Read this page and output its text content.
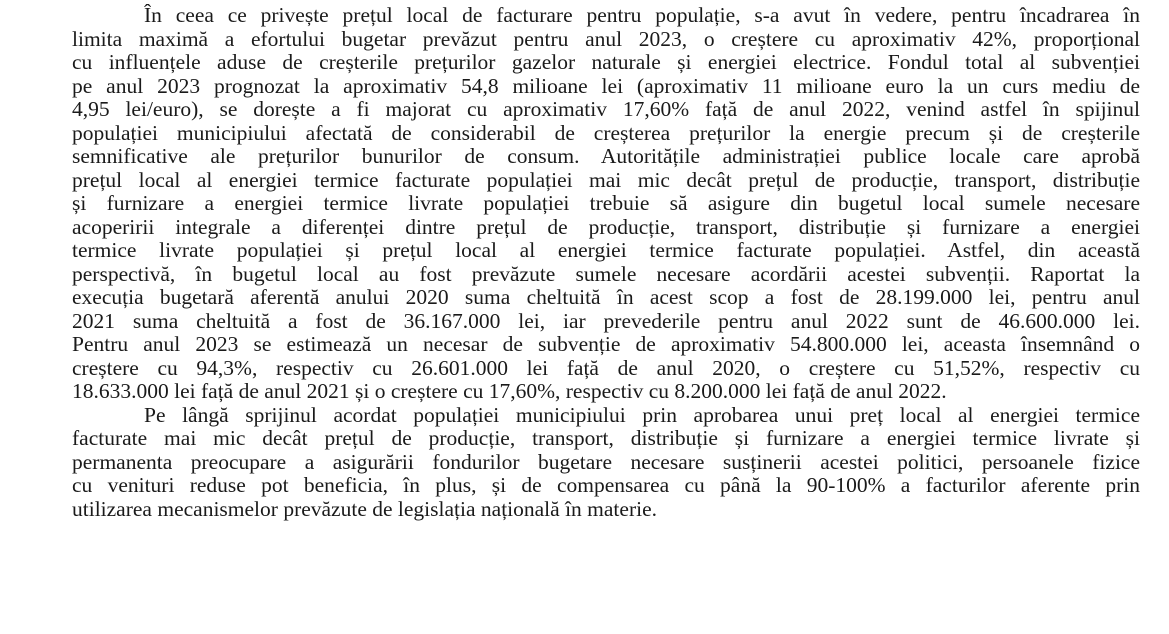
În ceea ce privește prețul local de facturare pentru populație, s-a avut în vedere, pentru încadrarea în
limita maximă a efortului bugetar prevăzut pentru anul 2023, o creștere cu aproximativ 42%, proporțional
cu influențele aduse de creșterile prețurilor gazelor naturale și energiei electrice. Fondul total al subvenției
pe anul 2023 prognozat la aproximativ 54,8 milioane lei (aproximativ 11 milioane euro la un curs mediu de
4,95 lei/euro), se dorește a fi majorat cu aproximativ 17,60% față de anul 2022, venind astfel în spijinul
populației municipiului afectată de considerabil de creșterea prețurilor la energie precum și de creșterile
semnificative ale prețurilor bunurilor de consum. Autoritățile administrației publice locale care aprobă
prețul local al energiei termice facturate populației mai mic decât prețul de producție, transport, distribuție
și furnizare a energiei termice livrate populației trebuie să asigure din bugetul local sumele necesare
acoperirii integrale a diferenței dintre prețul de producție, transport, distribuție și furnizare a energiei
termice livrate populației și prețul local al energiei termice facturate populației. Astfel, din această
perspectivă, în bugetul local au fost prevăzute sumele necesare acordării acestei subvenții. Raportat la
execuția bugetară aferentă anului 2020 suma cheltuită în acest scop a fost de 28.199.000 lei, pentru anul
2021 suma cheltuită a fost de 36.167.000 lei, iar prevederile pentru anul 2022 sunt de 46.600.000 lei.
Pentru anul 2023 se estimează un necesar de subvenție de aproximativ 54.800.000 lei, aceasta însemnând o
creștere cu 94,3%, respectiv cu 26.601.000 lei față de anul 2020, o creștere cu 51,52%, respectiv cu
18.633.000 lei față de anul 2021 și o creștere cu 17,60%, respectiv cu 8.200.000 lei față de anul 2022.
Pe lângă sprijinul acordat populației municipiului prin aprobarea unui preț local al energiei termice
facturate mai mic decât prețul de producție, transport, distribuție și furnizare a energiei termice livrate și
permanenta preocupare a asigurării fondurilor bugetare necesare susținerii acestei politici, persoanele fizice
cu venituri reduse pot beneficia, în plus, și de compensarea cu până la 90-100% a facturilor aferente prin
utilizarea mecanismelor prevăzute de legislația națională în materie.
